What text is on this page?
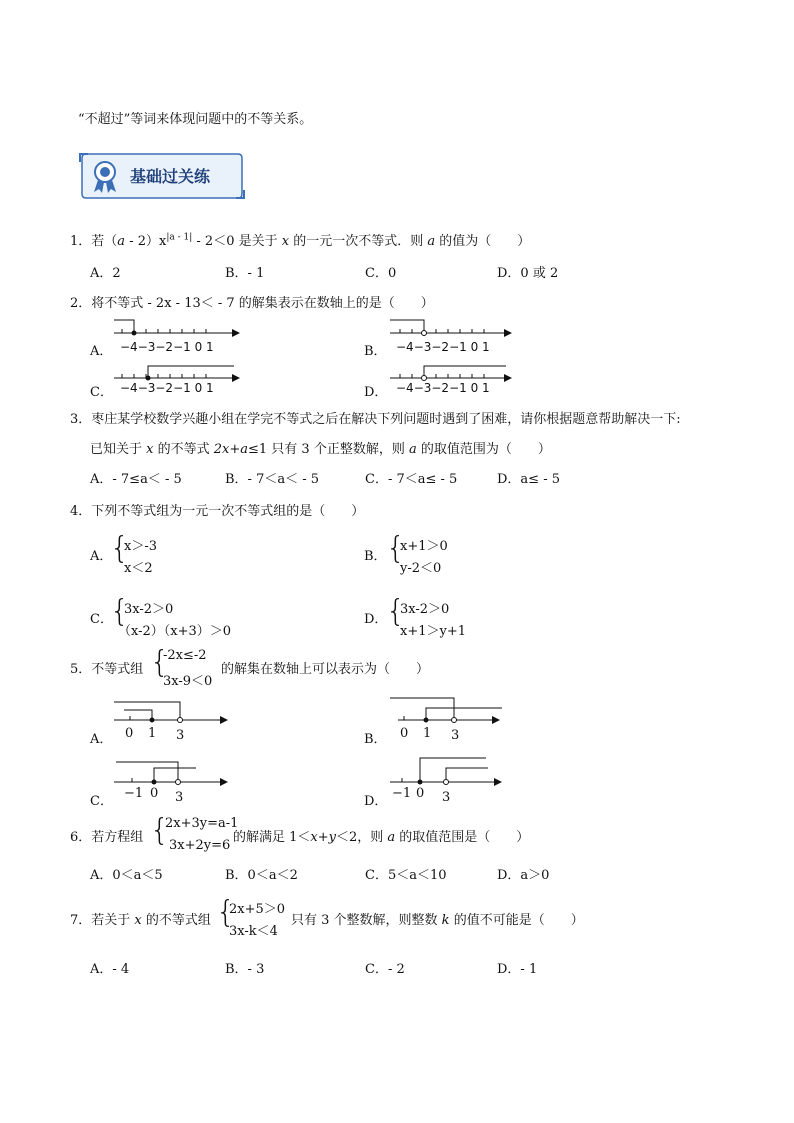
“不超过”等词来体现问题中的不等关系。
基础过关练
1．若$(a - 2)x^{|a - 1|} - 2<0$ 是关于 x 的一元一次不等式．则 a 的值为（　　）
A．2	B．- 1	C．0	D．0 或 2
2．将不等式 - 2x - 13＜ - 7 的解集表示在数轴上的是（　　）
A． −4−3−2−1 0 1	B． −4−3−2−1 0 1
C． −4−3−2−1 0 1	D． −4−3−2−1 0 1
3．枣庄某学校数学兴趣小组在学完不等式之后在解决下列问题时遇到了困难，请你根据题意帮助解决一下:
已知关于 x 的不等式 2x+a≤1 只有 3 个正整数解，则 a 的取值范围为（　　）
A．- 7≤a＜ - 5	B．- 7＜a＜ - 5	C．- 7＜a≤ - 5	D．a≤ - 5
4．下列不等式组为一元一次不等式组的是（　　）
A．
{
x＞-3
x＜2
B． {
x+1＞0
y-2＜0
C．
{
3x-2＞0
（x-2）（x+3）＞0
D．
{
3x-2＞0
x+1＞y+1
5．不等式组 {
-2x≤-2
3x-9＜0
的解集在数轴上可以表示为（　　）
A． 0 1 3	B． 0 1 3
C．
−1 0 3	D．
−1 0 3
6．若方程组 {
2x+3y=a-1
3x+2y=6
的解满足 1＜x+y＜2，则 a 的取值范围是（　　）
A．0＜a＜5	B．0＜a＜2	C．5＜a＜10	D．a＞0
7．若关于 x 的不等式组 {
2x+5＞0
3x-k＜4
只有 3 个整数解，则整数 k 的值不可能是（　　）
A．- 4	B．- 3	C．- 2	D．- 1
